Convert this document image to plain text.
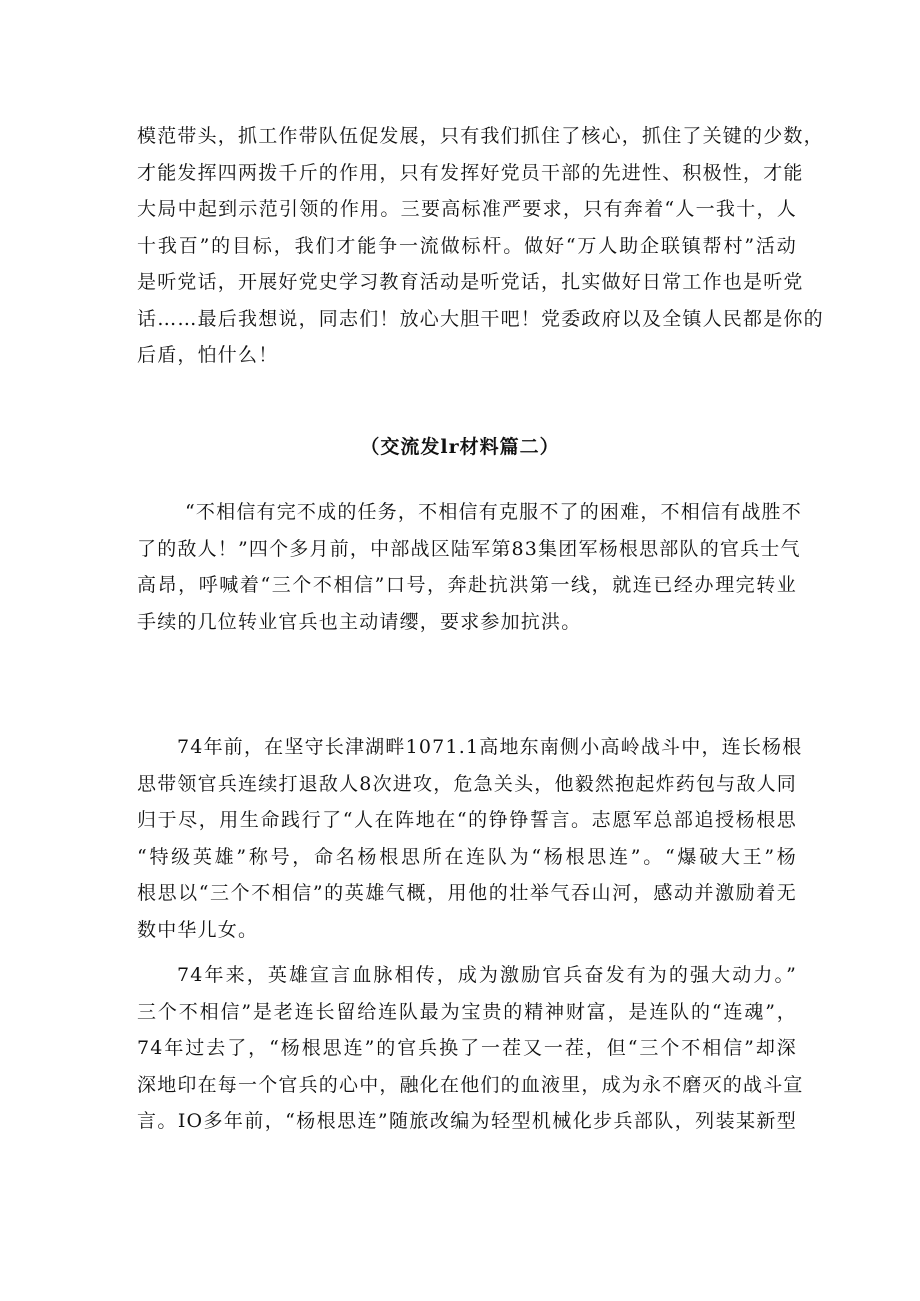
模范带头，抓工作带队伍促发展，只有我们抓住了核心，抓住了关键的少数，
才能发挥四两拨千斤的作用，只有发挥好党员干部的先进性、积极性，才能
大局中起到示范引领的作用。三要高标准严要求，只有奔着“人一我十，人
十我百”的目标，我们才能争一流做标杆。做好“万人助企联镇帮村”活动
是听党话，开展好党史学习教育活动是听党话，扎实做好日常工作也是听党
话……最后我想说，同志们！放心大胆干吧！党委政府以及全镇人民都是你的
后盾，怕什么！
（交流发lr材料篇二）
“不相信有完不成的任务，不相信有克服不了的困难，不相信有战胜不
了的敌人！”四个多月前，中部战区陆军第83集团军杨根思部队的官兵士气
高昂，呼喊着“三个不相信”口号，奔赴抗洪第一线，就连已经办理完转业
手续的几位转业官兵也主动请缨，要求参加抗洪。
74年前，在坚守长津湖畔1071.1高地东南侧小高岭战斗中，连长杨根
思带领官兵连续打退敌人8次进攻，危急关头，他毅然抱起炸药包与敌人同
归于尽，用生命践行了“人在阵地在“的铮铮誓言。志愿军总部追授杨根思
“特级英雄”称号，命名杨根思所在连队为“杨根思连”。“爆破大王”杨
根思以“三个不相信”的英雄气概，用他的壮举气吞山河，感动并激励着无
数中华儿女。
74年来，英雄宣言血脉相传，成为激励官兵奋发有为的强大动力。”
三个不相信”是老连长留给连队最为宝贵的精神财富，是连队的“连魂”，
74年过去了，“杨根思连”的官兵换了一茬又一茬，但“三个不相信”却深
深地印在每一个官兵的心中，融化在他们的血液里，成为永不磨灭的战斗宣
言。IO多年前，“杨根思连”随旅改编为轻型机械化步兵部队，列装某新型
